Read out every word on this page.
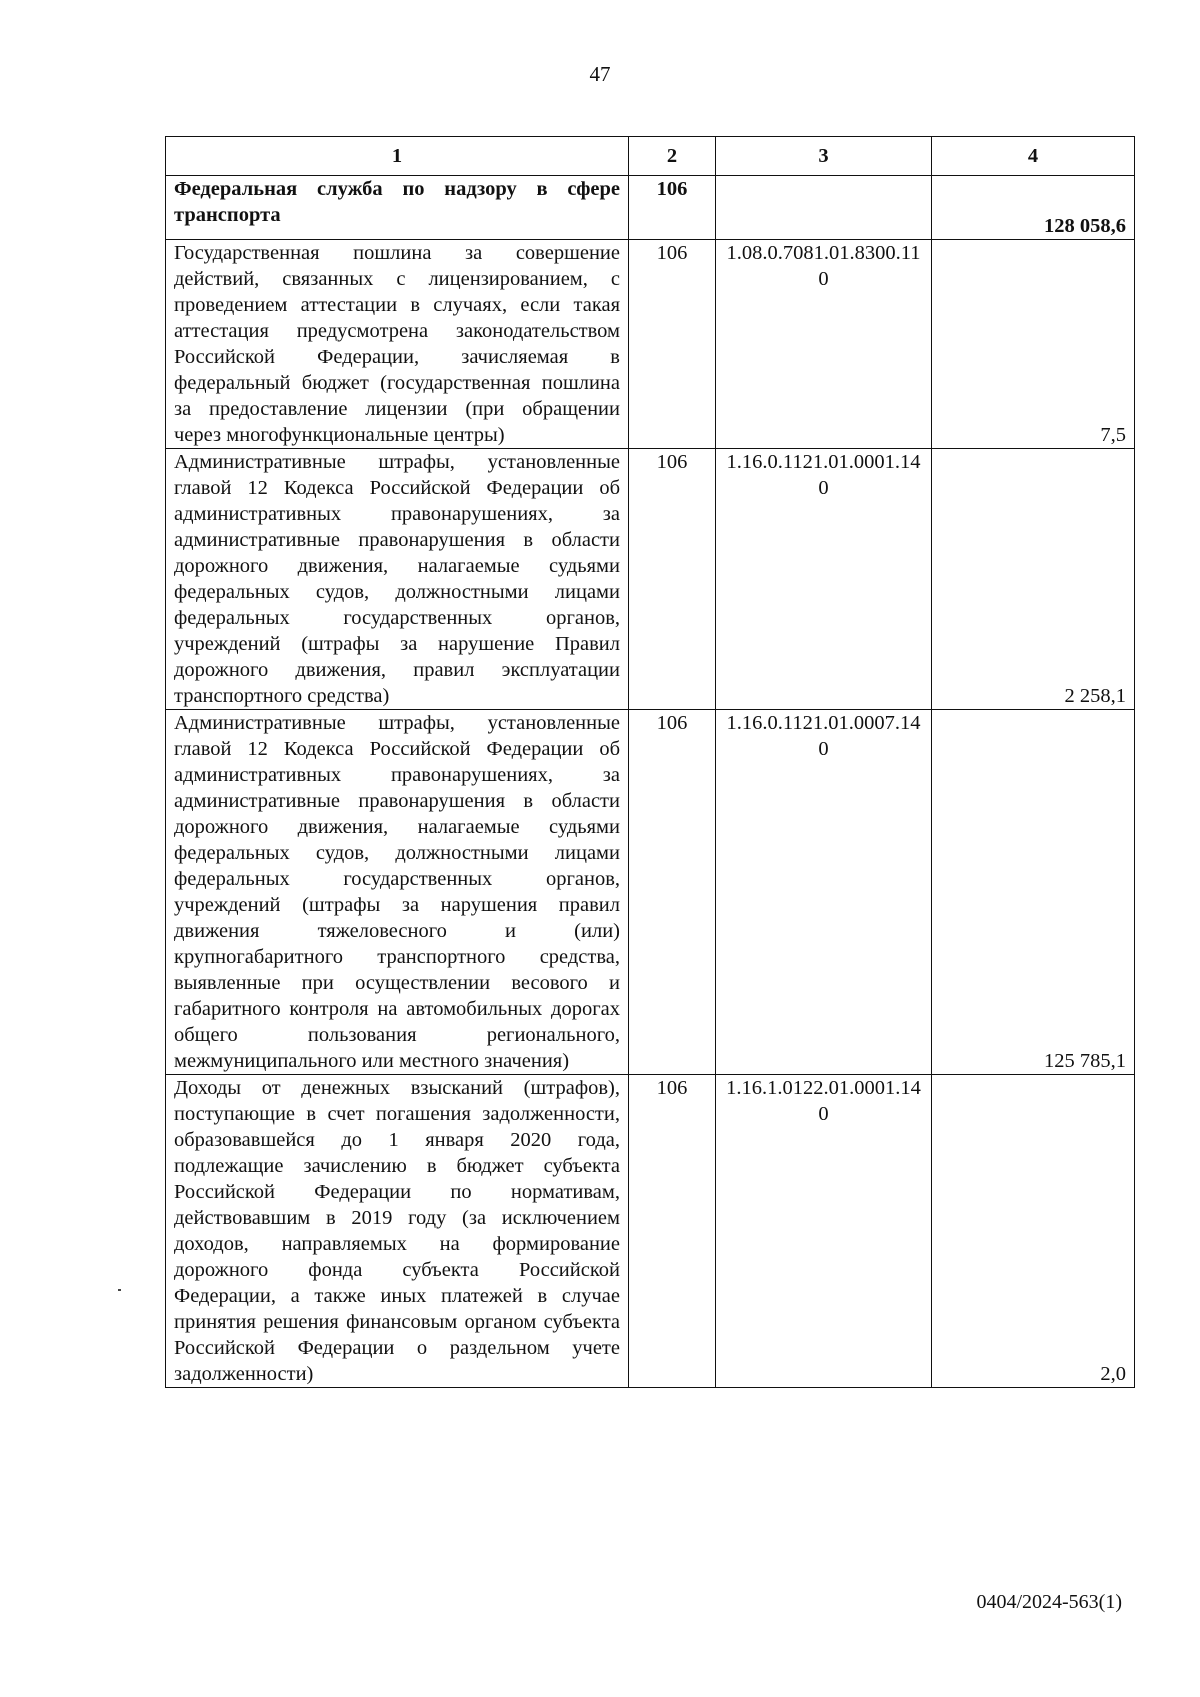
47
1	2	3	4
Федеральная служба по надзору в сфере транспорта	106		128 058,6
Государственная пошлина за совершение действий, связанных с лицензированием, с проведением аттестации в случаях, если такая аттестация предусмотрена законодательством Российской Федерации, зачисляемая в федеральный бюджет (государственная пошлина за предоставление лицензии (при обращении через многофункциональные центры)	106	1.08.0.7081.01.8300.110	7,5
Административные штрафы, установленные главой 12 Кодекса Российской Федерации об административных правонарушениях, за административные правонарушения в области дорожного движения, налагаемые судьями федеральных судов, должностными лицами федеральных государственных органов, учреждений (штрафы за нарушение Правил дорожного движения, правил эксплуатации транспортного средства)	106	1.16.0.1121.01.0001.140	2 258,1
Административные штрафы, установленные главой 12 Кодекса Российской Федерации об административных правонарушениях, за административные правонарушения в области дорожного движения, налагаемые судьями федеральных судов, должностными лицами федеральных государственных органов, учреждений (штрафы за нарушения правил движения тяжеловесного и (или) крупногабаритного транспортного средства, выявленные при осуществлении весового и габаритного контроля на автомобильных дорогах общего пользования регионального, межмуниципального или местного значения)	106	1.16.0.1121.01.0007.140	125 785,1
Доходы от денежных взысканий (штрафов), поступающие в счет погашения задолженности, образовавшейся до 1 января 2020 года, подлежащие зачислению в бюджет субъекта Российской Федерации по нормативам, действовавшим в 2019 году (за исключением доходов, направляемых на формирование дорожного фонда субъекта Российской Федерации, а также иных платежей в случае принятия решения финансовым органом субъекта Российской Федерации о раздельном учете задолженности)	106	1.16.1.0122.01.0001.140	2,0
0404/2024-563(1)
